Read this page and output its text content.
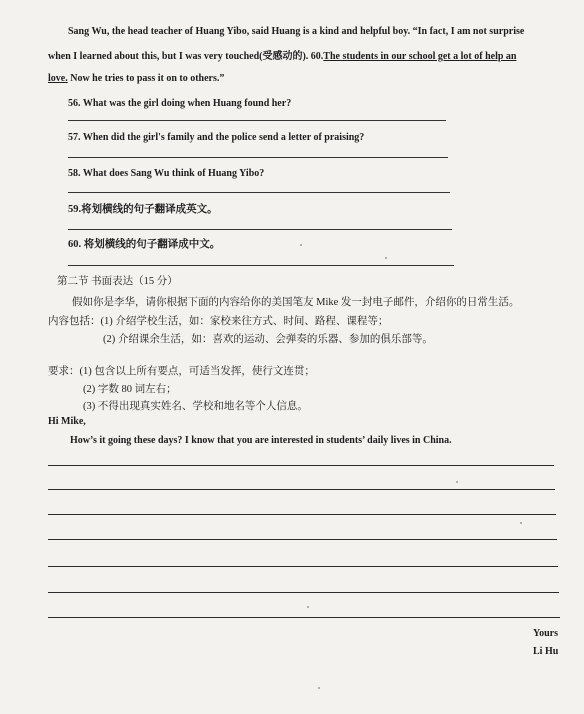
Sang Wu, the head teacher of Huang Yibo, said Huang is a kind and helpful boy. “In fact, I am not surprise
when I learned about this, but I was very touched(受感动的). 60.The students in our school get a lot of help an
love. Now he tries to pass it on to others.”
56. What was the girl doing when Huang found her?
57. When did the girl's family and the police send a letter of praising?
58. What does Sang Wu think of Huang Yibo?
59.将划横线的句子翻译成英文。
60. 将划横线的句子翻译成中文。
第二节 书面表达（15 分）
假如你是李华，请你根据下面的内容给你的美国笔友 Mike 发一封电子邮件，介绍你的日常生活。
内容包括：(1) 介绍学校生活，如：家校来往方式、时间、路程、课程等；
(2) 介绍课余生活，如：喜欢的运动、会弹奏的乐器、参加的俱乐部等。
要求：(1) 包含以上所有要点，可适当发挥，使行文连贯；
(2) 字数 80 词左右；
(3) 不得出现真实姓名、学校和地名等个人信息。
Hi Mike,
How’s it going these days? I know that you are interested in students’ daily lives in China.
Yours
Li Hu
